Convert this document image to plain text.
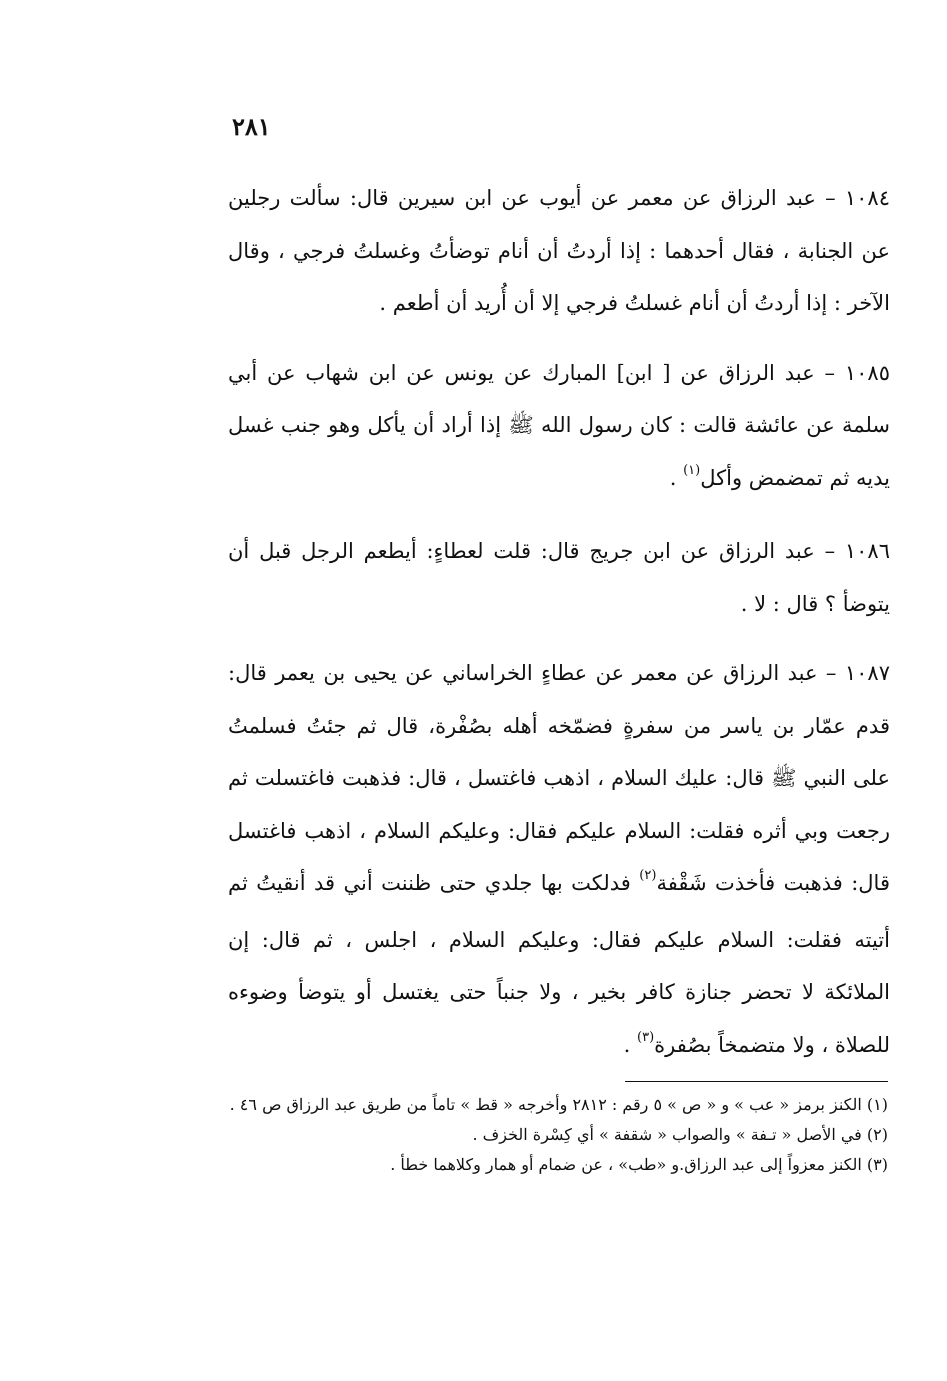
٢٨١

١٠٨٤ – عبد الرزاق عن معمر عن أيوب عن ابن سيرين قال: سألت رجلين عن الجنابة ، فقال أحدهما : إذا أردتُ أن أنام توضأتُ وغسلتُ فرجي ، وقال الآخر : إذا أردتُ أن أنام غسلتُ فرجي إلا أن أُريد أن أطعم .

١٠٨٥ – عبد الرزاق عن [ ابن] المبارك عن يونس عن ابن شهاب عن أبي سلمة عن عائشة قالت : كان رسول الله ﷺ إذا أراد أن يأكل وهو جنب غسل يديه ثم تمضمض وأكل$^{(١)}$ .

١٠٨٦ – عبد الرزاق عن ابن جريج قال: قلت لعطاءٍ: أيطعم الرجل قبل أن يتوضأ ؟ قال : لا .

١٠٨٧ – عبد الرزاق عن معمر عن عطاءٍ الخراساني عن يحيى بن يعمر قال: قدم عمّار بن ياسر من سفرةٍ فضمّخه أهله بصُفْرة، قال ثم جئتُ فسلمتُ على النبي ﷺ قال: عليك السلام ، اذهب فاغتسل ، قال: فذهبت فاغتسلت ثم رجعت وبي أثره فقلت: السلام عليكم فقال: وعليكم السلام ، اذهب فاغتسل قال: فذهبت فأخذت شَقْفة$^{(٢)}$ فدلكت بها جلدي حتى ظننت أني قد أنقيتُ ثم أتيته فقلت: السلام عليكم فقال: وعليكم السلام ، اجلس ، ثم قال: إن الملائكة لا تحضر جنازة كافر بخير ، ولا جنباً حتى يغتسل أو يتوضأ وضوءه للصلاة ، ولا متضمخاً بصُفرة$^{(٣)}$ .

(١) الكنز برمز « عب » و « ص » ٥ رقم : ٢٨١٢ وأخرجه « قط » تاماً من طريق عبد الرزاق ص ٤٦ .

(٢) في الأصل « تـفة » والصواب « شقفة » أي كِسْرة الخزف .

(٣) الكنز معزواً إلى عبد الرزاق.و «طب» ، عن ضمام أو همار وكلاهما خطأ .
